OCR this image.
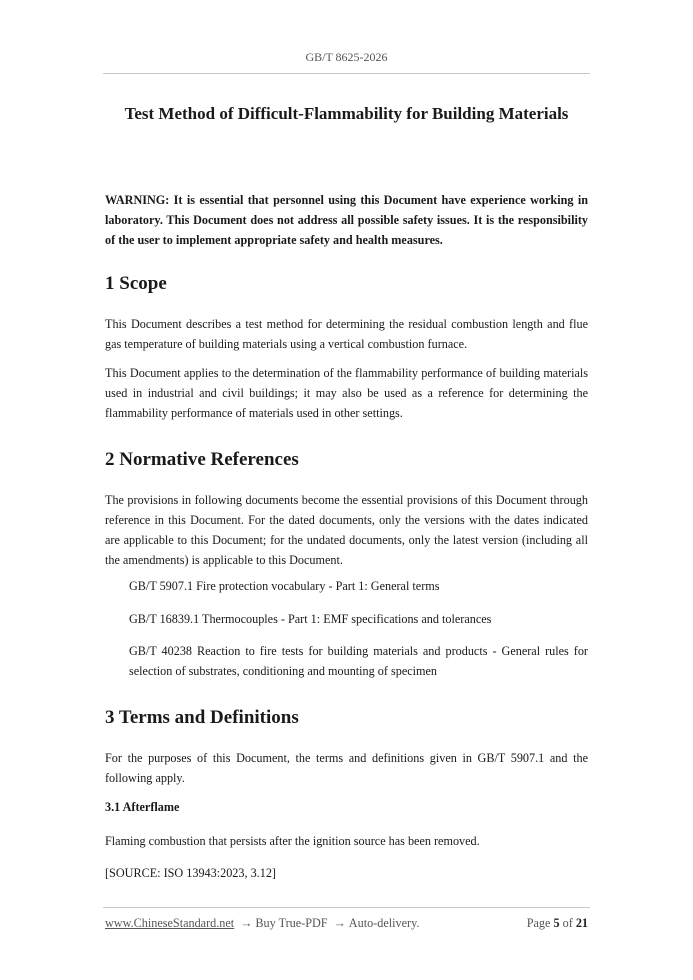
GB/T 8625-2026
Test Method of Difficult-Flammability for Building Materials

WARNING: It is essential that personnel using this Document have experience working in laboratory. This Document does not address all possible safety issues. It is the responsibility of the user to implement appropriate safety and health measures.

1 Scope

This Document describes a test method for determining the residual combustion length and flue gas temperature of building materials using a vertical combustion furnace.

This Document applies to the determination of the flammability performance of building materials used in industrial and civil buildings; it may also be used as a reference for determining the flammability performance of materials used in other settings.

2 Normative References

The provisions in following documents become the essential provisions of this Document through reference in this Document. For the dated documents, only the versions with the dates indicated are applicable to this Document; for the undated documents, only the latest version (including all the amendments) is applicable to this Document.

GB/T 5907.1 Fire protection vocabulary - Part 1: General terms

GB/T 16839.1 Thermocouples - Part 1: EMF specifications and tolerances

GB/T 40238 Reaction to fire tests for building materials and products - General rules for selection of substrates, conditioning and mounting of specimen

3 Terms and Definitions

For the purposes of this Document, the terms and definitions given in GB/T 5907.1 and the following apply.

3.1 Afterflame

Flaming combustion that persists after the ignition source has been removed.

[SOURCE: ISO 13943:2023, 3.12]

www.ChineseStandard.net → Buy True-PDF → Auto-delivery.	Page 5 of 21
